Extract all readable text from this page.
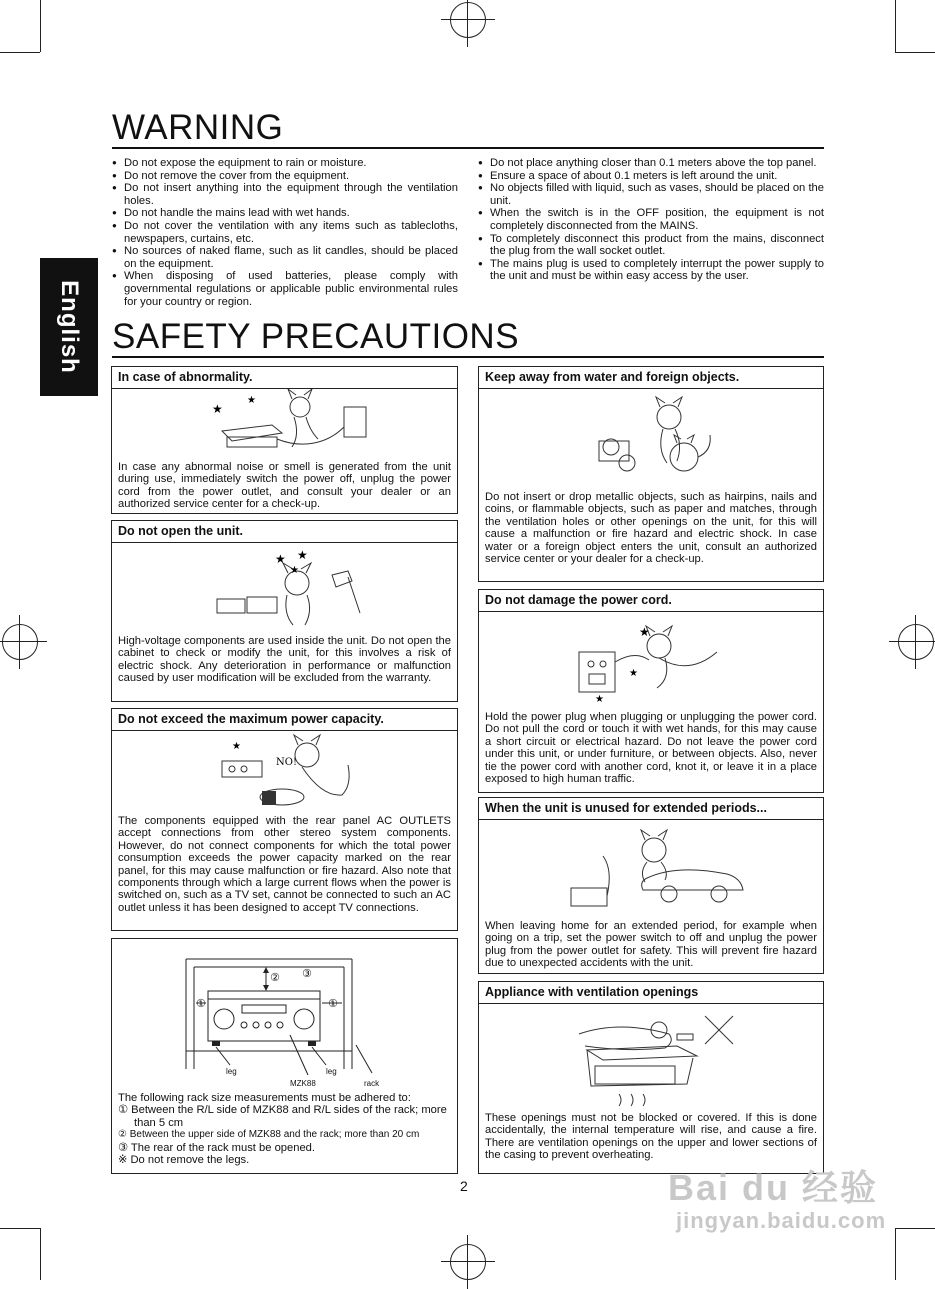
English
WARNING
● Do not expose the equipment to rain or moisture.
● Do not remove the cover from the equipment.
● Do not insert anything into the equipment through the ventilation holes.
● Do not handle the mains lead with wet hands.
● Do not cover the ventilation with any items such as tablecloths, newspapers, curtains, etc.
● No sources of naked flame, such as lit candles, should be placed on the equipment.
● When disposing of used batteries, please comply with governmental regulations or applicable public environmental rules for your country or region.
● Do not place anything closer than 0.1 meters above the top panel.
● Ensure a space of about 0.1 meters is left around the unit.
● No objects filled with liquid, such as vases, should be placed on the unit.
● When the switch is in the OFF position, the equipment is not completely disconnected from the MAINS.
● To completely disconnect this product from the mains, disconnect the plug from the wall socket outlet.
● The mains plug is used to completely interrupt the power supply to the unit and must be within easy access by the user.
SAFETY PRECAUTIONS
In case of abnormality.
★
★
In case any abnormal noise or smell is generated from the unit during use, immediately switch the power off, unplug the power cord from the power outlet, and consult your dealer or an authorized service center for a check-up.
Do not open the unit.
★ ★
★
High-voltage components are used inside the unit. Do not open the cabinet to check or modify the unit, for this involves a risk of electric shock. Any deterioration in performance or malfunction caused by user modification will be excluded from the warranty.
Do not exceed the maximum power capacity.
NO!
★
The components equipped with the rear panel AC OUTLETS accept connections from other stereo system components. However, do not connect components for which the total power consumption exceeds the power capacity marked on the rear panel, for this may cause malfunction or fire hazard. Also note that components through which a large current flows when the power is switched on, such as a TV set, cannot be connected to such an AC outlet unless it has been designed to accept TV connections.
①	①
② ③
leg	leg
MZK88	rack
The following rack size measurements must be adhered to:
① Between the R/L side of MZK88 and R/L sides of the rack; more than 5 cm
② Between the upper side of MZK88 and the rack; more than 20 cm
③ The rear of the rack must be opened.
※ Do not remove the legs.
Keep away from water and foreign objects.
Do not insert or drop metallic objects, such as hairpins, nails and coins, or flammable objects, such as paper and matches, through the ventilation holes or other openings on the unit, for this will cause a malfunction or fire hazard and electric shock. In case water or a foreign object enters the unit, consult an authorized service center or your dealer for a check-up.
Do not damage the power cord.
★
★
★
Hold the power plug when plugging or unplugging the power cord. Do not pull the cord or touch it with wet hands, for this may cause a short circuit or electrical hazard. Do not leave the power cord under this unit, or under furniture, or between objects. Also, never tie the power cord with another cord, knot it, or leave it in a place exposed to high human traffic.
When the unit is unused for extended periods...
When leaving home for an extended period, for example when going on a trip, set the power switch to off and unplug the power plug from the power outlet for safety. This will prevent fire hazard due to unexpected accidents with the unit.
Appliance with ventilation openings
These openings must not be blocked or covered. If this is done accidentally, the internal temperature will rise, and cause a fire. There are ventilation openings on the upper and lower sections of the casing to prevent overheating.
2	Bai du 经验
jingyan.baidu.com
